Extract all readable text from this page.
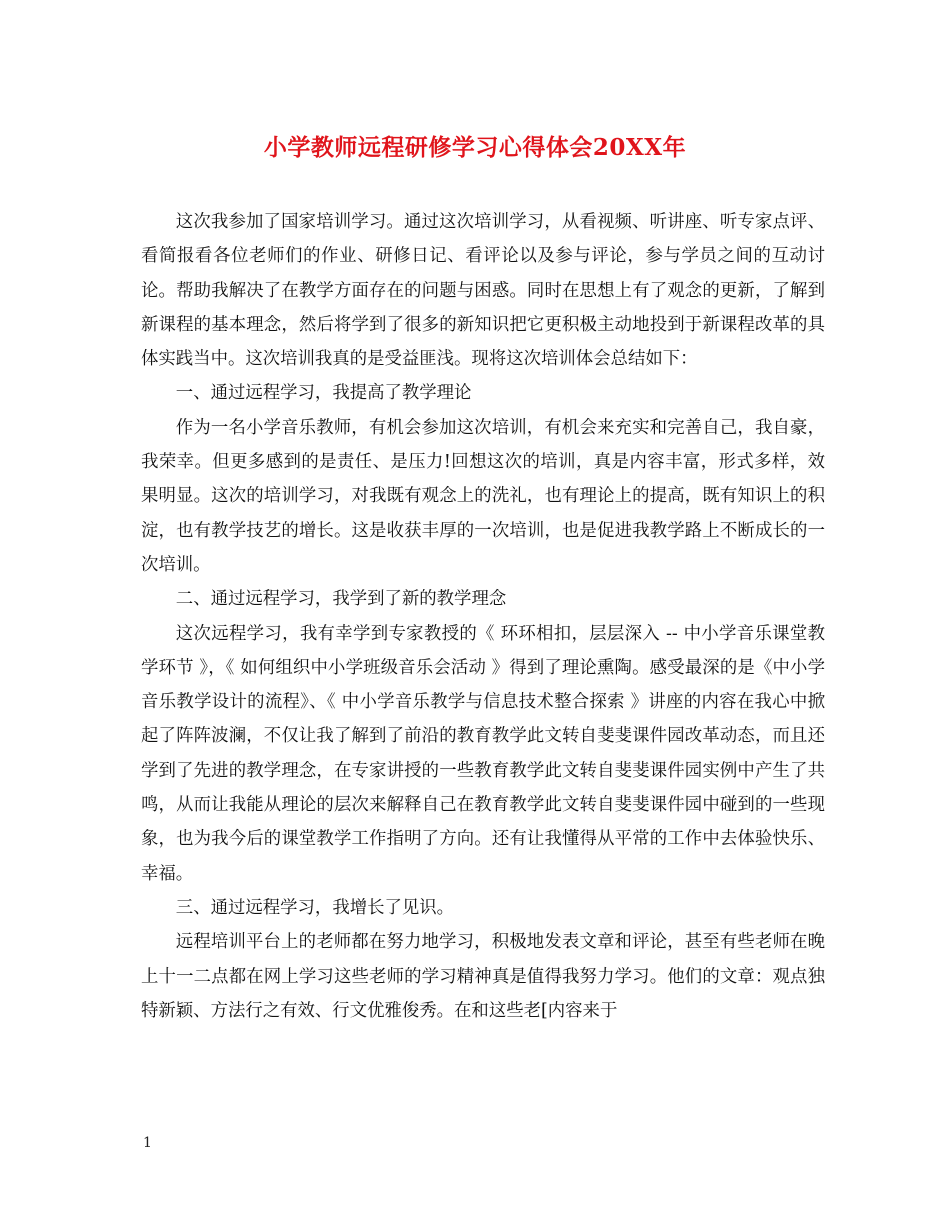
小学教师远程研修学习心得体会20XX年

这次我参加了国家培训学习。通过这次培训学习，从看视频、听讲座、听专家点评、看简报看各位老师们的作业、研修日记、看评论以及参与评论，参与学员之间的互动讨论。帮助我解决了在教学方面存在的问题与困惑。同时在思想上有了观念的更新，了解到新课程的基本理念，然后将学到了很多的新知识把它更积极主动地投到于新课程改革的具体实践当中。这次培训我真的是受益匪浅。现将这次培训体会总结如下：

一、通过远程学习，我提高了教学理论

作为一名小学音乐教师，有机会参加这次培训，有机会来充实和完善自己，我自豪，我荣幸。但更多感到的是责任、是压力!回想这次的培训，真是内容丰富，形式多样，效果明显。这次的培训学习，对我既有观念上的洗礼，也有理论上的提高，既有知识上的积淀，也有教学技艺的增长。这是收获丰厚的一次培训，也是促进我教学路上不断成长的一次培训。

二、通过远程学习，我学到了新的教学理念

这次远程学习，我有幸学到专家教授的《 环环相扣，层层深入 -- 中小学音乐课堂教学环节 》，《 如何组织中小学班级音乐会活动 》得到了理论熏陶。感受最深的是《中小学音乐教学设计的流程》、《 中小学音乐教学与信息技术整合探索 》讲座的内容在我心中掀起了阵阵波澜，不仅让我了解到了前沿的教育教学此文转自斐斐课件园改革动态，而且还学到了先进的教学理念，在专家讲授的一些教育教学此文转自斐斐课件园实例中产生了共鸣，从而让我能从理论的层次来解释自己在教育教学此文转自斐斐课件园中碰到的一些现象，也为我今后的课堂教学工作指明了方向。还有让我懂得从平常的工作中去体验快乐、幸福。

三、通过远程学习，我增长了见识。

远程培训平台上的老师都在努力地学习，积极地发表文章和评论，甚至有些老师在晚上十一二点都在网上学习这些老师的学习精神真是值得我努力学习。他们的文章：观点独特新颖、方法行之有效、行文优雅俊秀。在和这些老[内容来于

1
